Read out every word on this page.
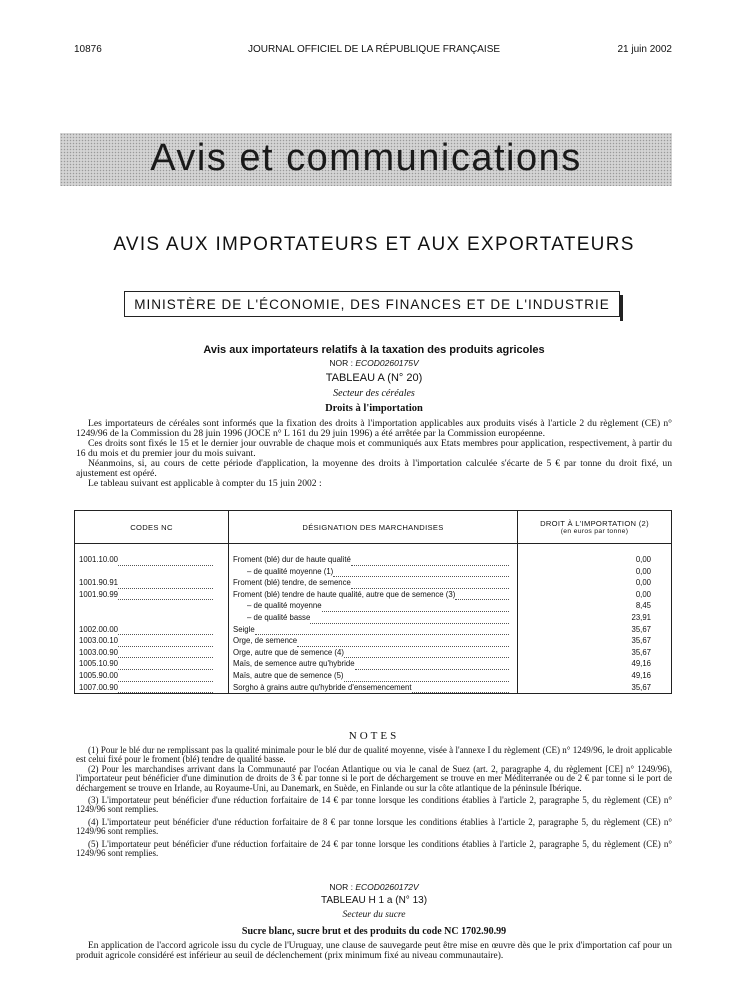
10876	JOURNAL OFFICIEL DE LA RÉPUBLIQUE FRANÇAISE	21 juin 2002
Avis et communications
AVIS AUX IMPORTATEURS ET AUX EXPORTATEURS
MINISTÈRE DE L'ÉCONOMIE, DES FINANCES ET DE L'INDUSTRIE
Avis aux importateurs relatifs à la taxation des produits agricoles
NOR : ECOD0260175V
TABLEAU A (N° 20)
Secteur des céréales
Droits à l'importation
Les importateurs de céréales sont informés que la fixation des droits à l'importation applicables aux produits visés à l'article 2 du règlement (CE) n° 1249/96 de la Commission du 28 juin 1996 (JOCE n° L 161 du 29 juin 1996) a été arrêtée par la Commission européenne.
Ces droits sont fixés le 15 et le dernier jour ouvrable de chaque mois et communiqués aux Etats membres pour application, respectivement, à partir du 16 du mois et du premier jour du mois suivant.
Néanmoins, si, au cours de cette période d'application, la moyenne des droits à l'importation calculée s'écarte de 5 € par tonne du droit fixé, un ajustement est opéré.
Le tableau suivant est applicable à compter du 15 juin 2002 :
CODES NC	DÉSIGNATION DES MARCHANDISES	DROIT À L'IMPORTATION (2)
(en euros par tonne)

1001.10.00	Froment (blé) dur de haute qualité	0,00
	– de qualité moyenne (1)	0,00
1001.90.91	Froment (blé) tendre, de semence	0,00
1001.90.99	Froment (blé) tendre de haute qualité, autre que de semence (3)	0,00
	– de qualité moyenne	8,45
	– de qualité basse	23,91
1002.00.00	Seigle	35,67
1003.00.10	Orge, de semence	35,67
1003.00.90	Orge, autre que de semence (4)	35,67
1005.10.90	Maïs, de semence autre qu'hybride	49,16
1005.90.00	Maïs, autre que de semence (5)	49,16
1007.00.90	Sorgho à grains autre qu'hybride d'ensemencement	35,67
NOTES
(1) Pour le blé dur ne remplissant pas la qualité minimale pour le blé dur de qualité moyenne, visée à l'annexe I du règlement (CE) n° 1249/96, le droit applicable est celui fixé pour le froment (blé) tendre de qualité basse.
(2) Pour les marchandises arrivant dans la Communauté par l'océan Atlantique ou via le canal de Suez (art. 2, paragraphe 4, du règlement [CE] n° 1249/96), l'importateur peut bénéficier d'une diminution de droits de 3 € par tonne si le port de déchargement se trouve en mer Méditerranée ou de 2 € par tonne si le port de déchargement se trouve en Irlande, au Royaume-Uni, au Danemark, en Suède, en Finlande ou sur la côte atlantique de la péninsule Ibérique.
(3) L'importateur peut bénéficier d'une réduction forfaitaire de 14 € par tonne lorsque les conditions établies à l'article 2, paragraphe 5, du règlement (CE) n° 1249/96 sont remplies.
(4) L'importateur peut bénéficier d'une réduction forfaitaire de 8 € par tonne lorsque les conditions établies à l'article 2, paragraphe 5, du règlement (CE) n° 1249/96 sont remplies.
(5) L'importateur peut bénéficier d'une réduction forfaitaire de 24 € par tonne lorsque les conditions établies à l'article 2, paragraphe 5, du règlement (CE) n° 1249/96 sont remplies.
NOR : ECOD0260172V
TABLEAU H 1 a (N° 13)
Secteur du sucre
Sucre blanc, sucre brut et des produits du code NC 1702.90.99
En application de l'accord agricole issu du cycle de l'Uruguay, une clause de sauvegarde peut être mise en œuvre dès que le prix d'importation caf pour un produit agricole considéré est inférieur au seuil de déclenchement (prix minimum fixé au niveau communautaire).
